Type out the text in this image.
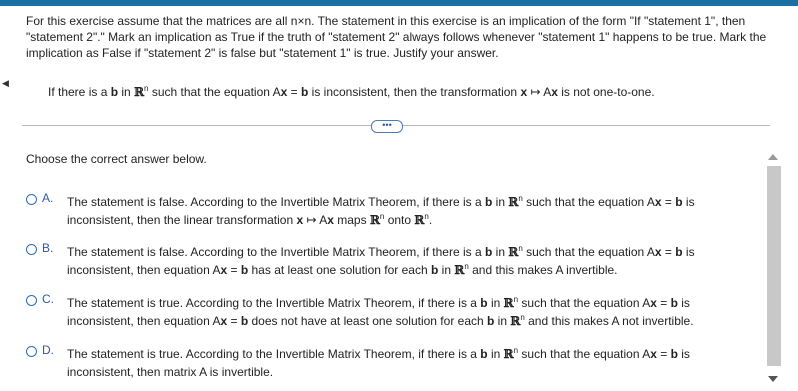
◀
For this exercise assume that the matrices are all n×n. The statement in this exercise is an implication of the form "If "statement 1", then "statement 2"." Mark an implication as True if the truth of "statement 2" always follows whenever "statement 1" happens to be true. Mark the implication as False if "statement 2" is false but "statement 1" is true. Justify your answer.
If there is a b in ℝ$^n$ such that the equation Ax = b is inconsistent, then the transformation x ↦ Ax is not one-to-one.
•••
Choose the correct answer below.
A. The statement is false. According to the Invertible Matrix Theorem, if there is a b in ℝ$^n$ such that the equation Ax = b is
inconsistent, then the linear transformation x ↦ Ax maps ℝ$^n$ onto ℝ$^n$.
B. The statement is false. According to the Invertible Matrix Theorem, if there is a b in ℝ$^n$ such that the equation Ax = b is
inconsistent, then equation Ax = b has at least one solution for each b in ℝ$^n$ and this makes A invertible.
C. The statement is true. According to the Invertible Matrix Theorem, if there is a b in ℝ$^n$ such that the equation Ax = b is
inconsistent, then equation Ax = b does not have at least one solution for each b in ℝ$^n$ and this makes A not invertible.
D. The statement is true. According to the Invertible Matrix Theorem, if there is a b in ℝ$^n$ such that the equation Ax = b is
inconsistent, then matrix A is invertible.
